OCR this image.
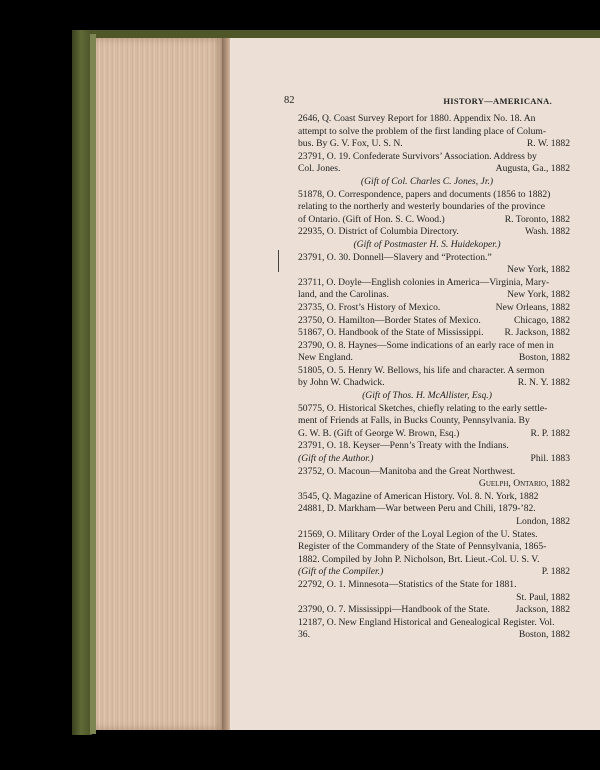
82	HISTORY—AMERICANA.
2646, Q. Coast Survey Report for 1880. Appendix No. 18. An
attempt to solve the problem of the first landing place of Colum-
bus. By G. V. Fox, U. S. N.	R. W. 1882
23791, O. 19. Confederate Survivors’ Association. Address by
Col. Jones.	Augusta, Ga., 1882
(Gift of Col. Charles C. Jones, Jr.)
51878, O. Correspondence, papers and documents (1856 to 1882)
relating to the northerly and westerly boundaries of the province
of Ontario. (Gift of Hon. S. C. Wood.)	R. Toronto, 1882
22935, O. District of Columbia Directory.	Wash. 1882
(Gift of Postmaster H. S. Huidekoper.)
23791, O. 30. Donnell—Slavery and “Protection.”
New York, 1882
23711, O. Doyle—English colonies in America—Virginia, Mary-
land, and the Carolinas.	New York, 1882
23735, O. Frost’s History of Mexico.	New Orleans, 1882
23750, O. Hamilton—Border States of Mexico.	Chicago, 1882
51867, O. Handbook of the State of Mississippi. R. Jackson, 1882
23790, O. 8. Haynes—Some indications of an early race of men in
New England.	Boston, 1882
51805, O. 5. Henry W. Bellows, his life and character. A sermon
by John W. Chadwick.	R. N. Y. 1882
(Gift of Thos. H. McAllister, Esq.)
50775, O. Historical Sketches, chiefly relating to the early settle-
ment of Friends at Falls, in Bucks County, Pennsylvania. By
G. W. B. (Gift of George W. Brown, Esq.)	R. P. 1882
23791, O. 18. Keyser—Penn’s Treaty with the Indians.
(Gift of the Author.)	Phil. 1883
23752, O. Macoun—Manitoba and the Great Northwest.
Guelph, Ontario, 1882
3545, Q. Magazine of American History. Vol. 8. N. York, 1882
24881, D. Markham—War between Peru and Chili, 1879-’82.
London, 1882
21569, O. Military Order of the Loyal Legion of the U. States.
Register of the Commandery of the State of Pennsylvania, 1865-
1882. Compiled by John P. Nicholson, Brt. Lieut.-Col. U. S. V.
(Gift of the Compiler.)	P. 1882
22792, O. 1. Minnesota—Statistics of the State for 1881.
St. Paul, 1882
23790, O. 7. Mississippi—Handbook of the State.	Jackson, 1882
12187, O. New England Historical and Genealogical Register. Vol.
36.	Boston, 1882
